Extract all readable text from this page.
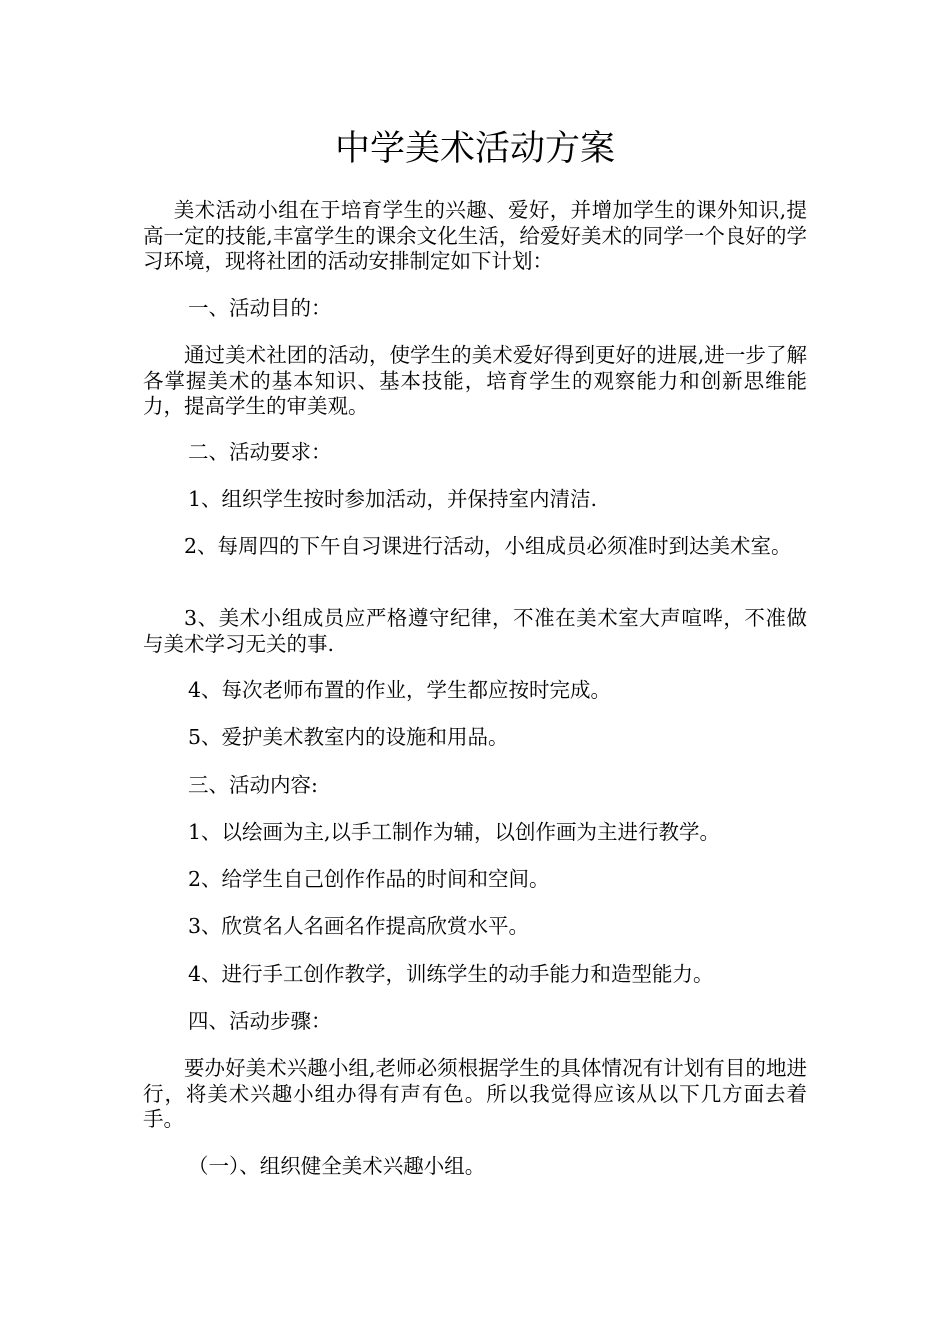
中学美术活动方案

美术活动小组在于培育学生的兴趣、爱好，并增加学生的课外知识,提高一定的技能,丰富学生的课余文化生活，给爱好美术的同学一个良好的学习环境，现将社团的活动安排制定如下计划：

一、活动目的：

通过美术社团的活动，使学生的美术爱好得到更好的进展,进一步了解各掌握美术的基本知识、基本技能，培育学生的观察能力和创新思维能力，提高学生的审美观。

二、活动要求：

1、组织学生按时参加活动，并保持室内清洁.

2、每周四的下午自习课进行活动，小组成员必须准时到达美术室。

3、美术小组成员应严格遵守纪律，不准在美术室大声喧哗，不准做与美术学习无关的事.

4、每次老师布置的作业，学生都应按时完成。

5、爱护美术教室内的设施和用品。

三、活动内容:

1、以绘画为主,以手工制作为辅，以创作画为主进行教学。

2、给学生自己创作作品的时间和空间。

3、欣赏名人名画名作提高欣赏水平。

4、进行手工创作教学，训练学生的动手能力和造型能力。

四、活动步骤：

要办好美术兴趣小组,老师必须根据学生的具体情况有计划有目的地进行，将美术兴趣小组办得有声有色。所以我觉得应该从以下几方面去着手。

（一）、组织健全美术兴趣小组。
